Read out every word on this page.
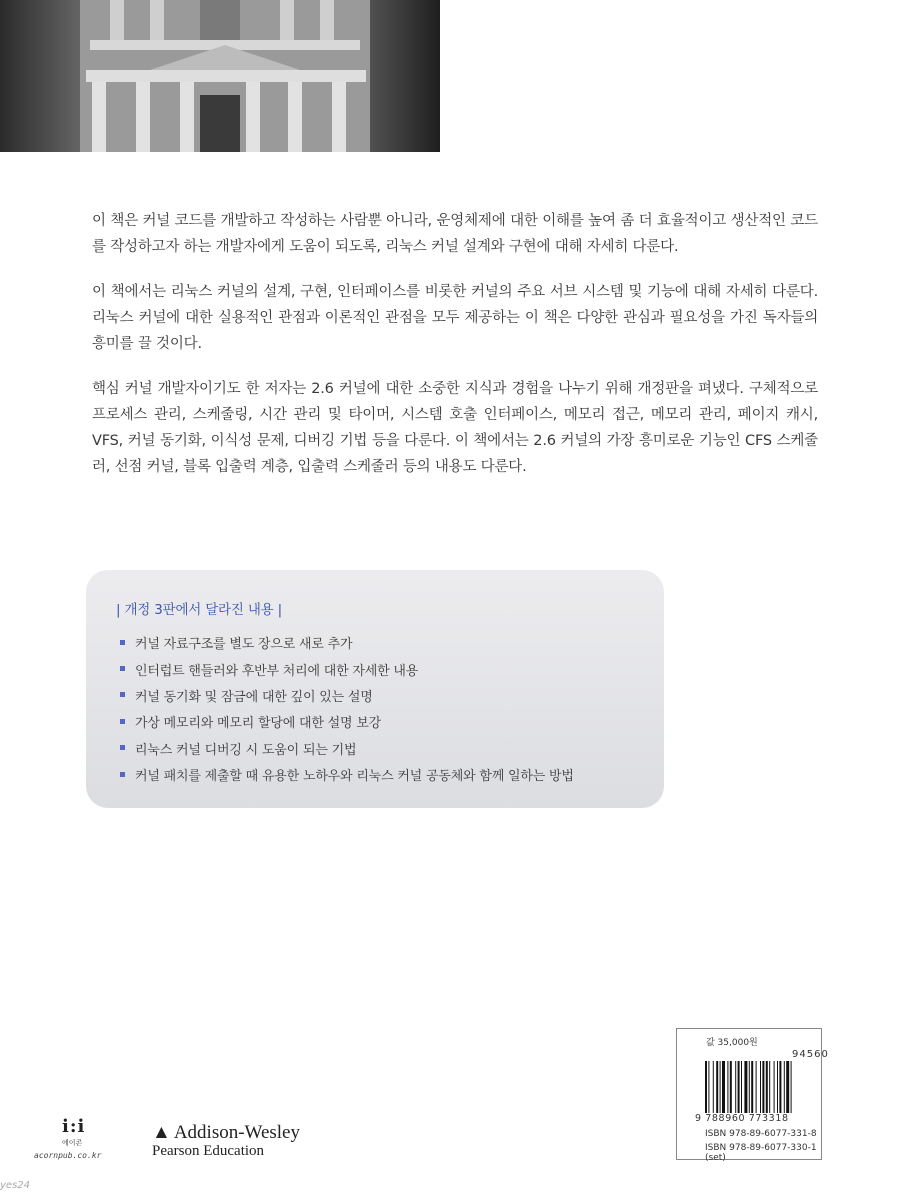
이 책은 커널 코드를 개발하고 작성하는 사람뿐 아니라, 운영체제에 대한 이해를 높여 좀 더 효율적이고 생산적인 코드를 작성하고자 하는 개발자에게 도움이 되도록, 리눅스 커널 설계와 구현에 대해 자세히 다룬다.

이 책에서는 리눅스 커널의 설계, 구현, 인터페이스를 비롯한 커널의 주요 서브 시스템 및 기능에 대해 자세히 다룬다. 리눅스 커널에 대한 실용적인 관점과 이론적인 관점을 모두 제공하는 이 책은 다양한 관심과 필요성을 가진 독자들의 흥미를 끌 것이다.

핵심 커널 개발자이기도 한 저자는 2.6 커널에 대한 소중한 지식과 경험을 나누기 위해 개정판을 펴냈다. 구체적으로 프로세스 관리, 스케줄링, 시간 관리 및 타이머, 시스템 호출 인터페이스, 메모리 접근, 메모리 관리, 페이지 캐시, VFS, 커널 동기화, 이식성 문제, 디버깅 기법 등을 다룬다. 이 책에서는 2.6 커널의 가장 흥미로운 기능인 CFS 스케줄러, 선점 커널, 블록 입출력 계층, 입출력 스케줄러 등의 내용도 다룬다.

| 개정 3판에서 달라진 내용 |
커널 자료구조를 별도 장으로 새로 추가
인터럽트 핸들러와 후반부 처리에 대한 자세한 내용
커널 동기화 및 잠금에 대한 깊이 있는 설명
가상 메모리와 메모리 할당에 대한 설명 보강
리눅스 커널 디버깅 시 도움이 되는 기법
커널 패치를 제출할 때 유용한 노하우와 리눅스 커널 공동체와 함께 일하는 방법
값 35,000원
94560
9 788960 773318
ISBN 978-89-6077-331-8
ISBN 978-89-6077-330-1 (set)
i:i
에이콘
acornpub.co.kr
yes24
▲ Addison-Wesley
Pearson Education
